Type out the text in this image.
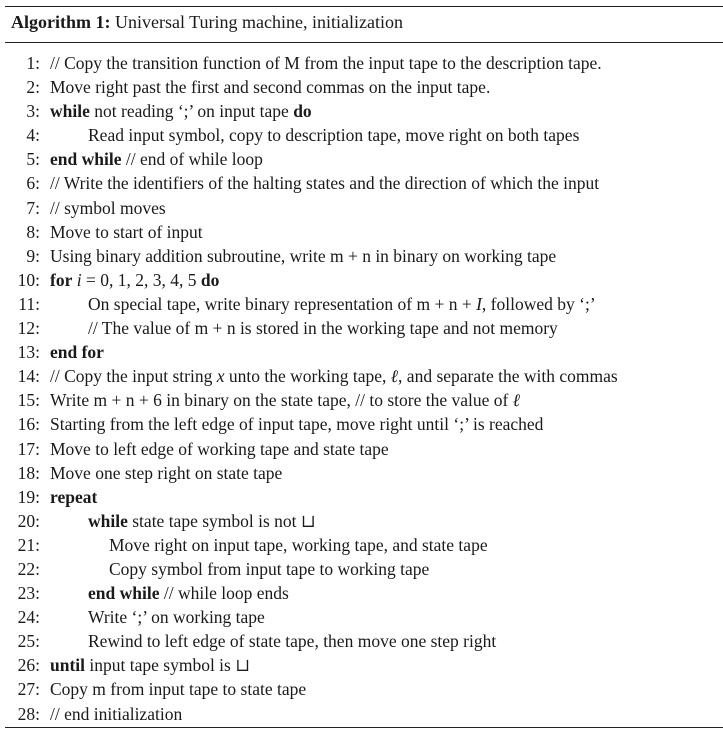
Algorithm 1: Universal Turing machine, initialization
1: // Copy the transition function of M from the input tape to the description tape.
2: Move right past the first and second commas on the input tape.
3: while not reading ‘;’ on input tape do
4:	Read input symbol, copy to description tape, move right on both tapes
5: end while // end of while loop
6: // Write the identifiers of the halting states and the direction of which the input
7: // symbol moves
8: Move to start of input
9: Using binary addition subroutine, write m + n in binary on working tape
10: for i = 0, 1, 2, 3, 4, 5 do
11:	On special tape, write binary representation of m + n + I, followed by ‘;’
12:	// The value of m + n is stored in the working tape and not memory
13: end for
14: // Copy the input string x unto the working tape, ℓ, and separate the with commas
15: Write m + n + 6 in binary on the state tape, // to store the value of ℓ
16: Starting from the left edge of input tape, move right until ‘;’ is reached
17: Move to left edge of working tape and state tape
18: Move one step right on state tape
19: repeat
20:	while state tape symbol is not ⊔
21:	Move right on input tape, working tape, and state tape
22:	Copy symbol from input tape to working tape
23:	end while // while loop ends
24:	Write ‘;’ on working tape
25:	Rewind to left edge of state tape, then move one step right
26: until input tape symbol is ⊔
27: Copy m from input tape to state tape
28: // end initialization
